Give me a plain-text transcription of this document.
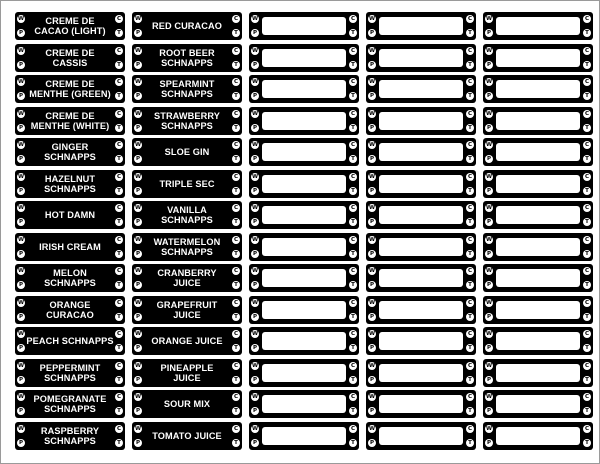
W
P
C
T
CREME DE
CACAO (LIGHT)
W
P
C
T
RED CURACAO
W
P
C
T
W
P
C
T
W
P
C
T
W
P
C
T
CREME DE
CASSIS
W
P
C
T
ROOT BEER
SCHNAPPS
W
P
C
T
W
P
C
T
W
P
C
T
W
P
C
T
CREME DE
MENTHE (GREEN)
W
P
C
T
SPEARMINT
SCHNAPPS
W
P
C
T
W
P
C
T
W
P
C
T
W
P
C
T
CREME DE
MENTHE (WHITE)
W
P
C
T
STRAWBERRY
SCHNAPPS
W
P
C
T
W
P
C
T
W
P
C
T
W
P
C
T
GINGER
SCHNAPPS
W
P
C
T
SLOE GIN
W
P
C
T
W
P
C
T
W
P
C
T
W
P
C
T
HAZELNUT
SCHNAPPS
W
P
C
T
TRIPLE SEC
W
P
C
T
W
P
C
T
W
P
C
T
W
P
C
T
HOT DAMN
W
P
C
T
VANILLA
SCHNAPPS
W
P
C
T
W
P
C
T
W
P
C
T
W
P
C
T
IRISH CREAM
W
P
C
T
WATERMELON
SCHNAPPS
W
P
C
T
W
P
C
T
W
P
C
T
W
P
C
T
MELON
SCHNAPPS
W
P
C
T
CRANBERRY
JUICE
W
P
C
T
W
P
C
T
W
P
C
T
W
P
C
T
ORANGE
CURACAO
W
P
C
T
GRAPEFRUIT
JUICE
W
P
C
T
W
P
C
T
W
P
C
T
W
P
C
T
PEACH SCHNAPPS
W
P
C
T
ORANGE JUICE
W
P
C
T
W
P
C
T
W
P
C
T
W
P
C
T
PEPPERMINT
SCHNAPPS
W
P
C
T
PINEAPPLE
JUICE
W
P
C
T
W
P
C
T
W
P
C
T
W
P
C
T
POMEGRANATE
SCHNAPPS
W
P
C
T
SOUR MIX
W
P
C
T
W
P
C
T
W
P
C
T
W
P
C
T
RASPBERRY
SCHNAPPS
W
P
C
T
TOMATO JUICE
W
P
C
T
W
P
C
T
W
P
C
T
